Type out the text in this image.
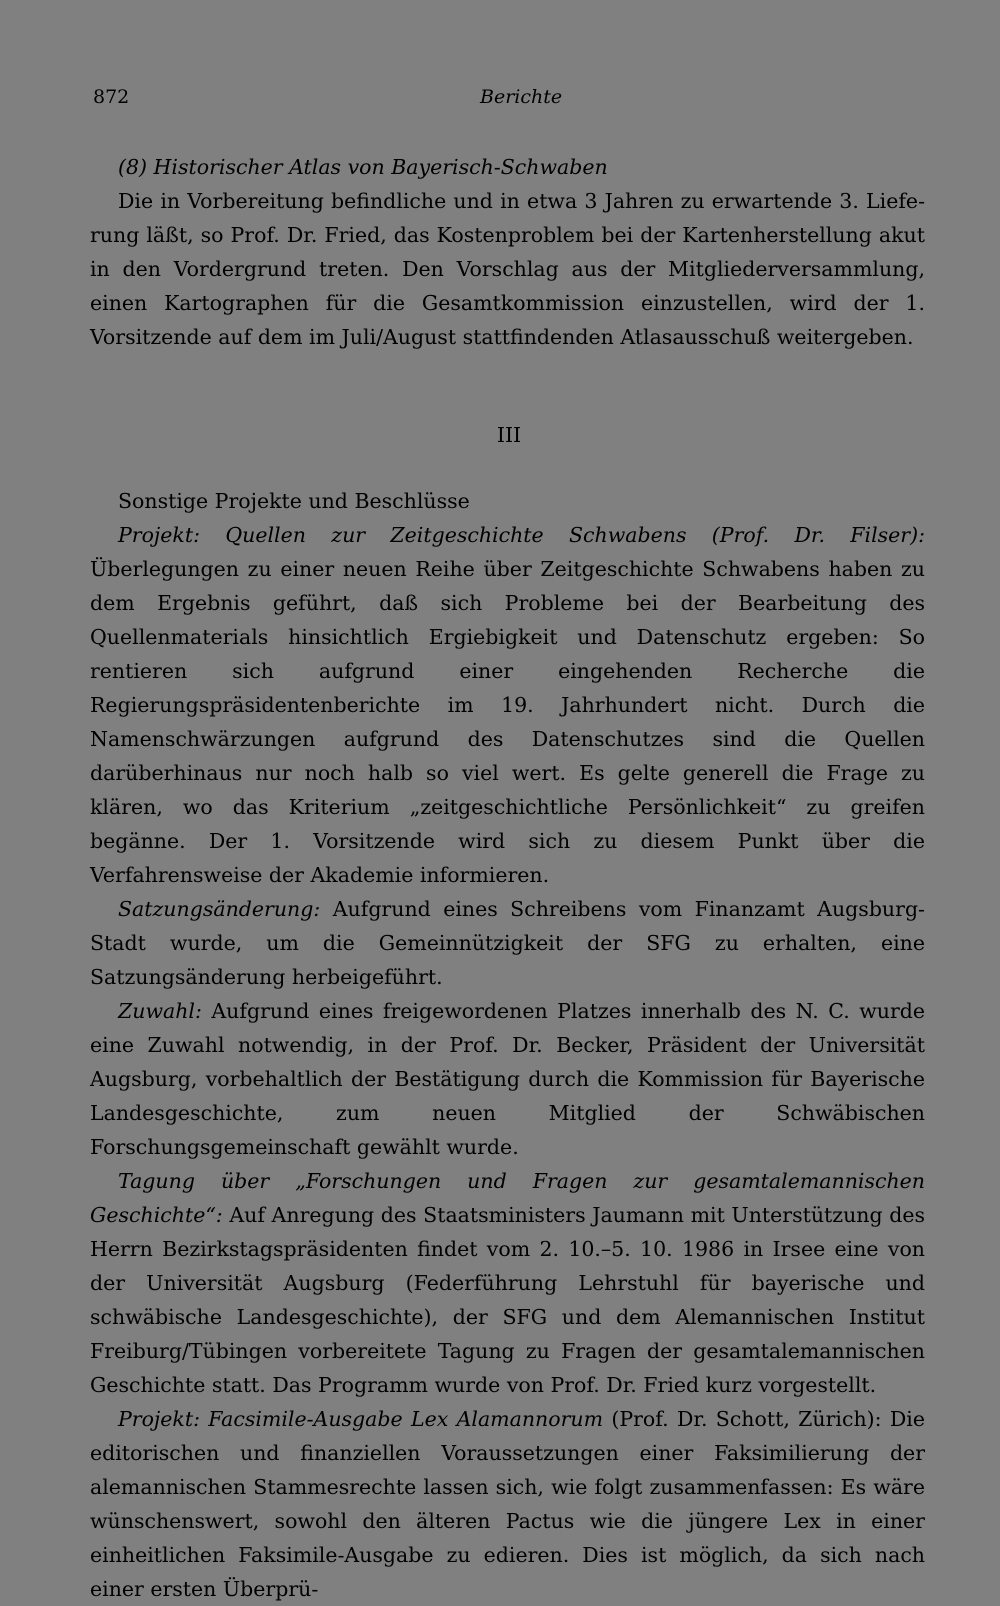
872	Berichte

(8) Historischer Atlas von Bayerisch-Schwaben

Die in Vorbereitung befindliche und in etwa 3 Jahren zu erwartende 3. Lieferung läßt, so Prof. Dr. Fried, das Kostenproblem bei der Kartenherstellung akut in den Vordergrund treten. Den Vorschlag aus der Mitgliederversammlung, einen Kartographen für die Gesamtkommission einzustellen, wird der 1. Vorsitzende auf dem im Juli/August stattfindenden Atlasausschuß weitergeben.

III

Sonstige Projekte und Beschlüsse

Projekt: Quellen zur Zeitgeschichte Schwabens (Prof. Dr. Filser): Überlegungen zu einer neuen Reihe über Zeitgeschichte Schwabens haben zu dem Ergebnis geführt, daß sich Probleme bei der Bearbeitung des Quellenmaterials hinsichtlich Ergiebigkeit und Datenschutz ergeben: So rentieren sich aufgrund einer eingehenden Recherche die Regierungspräsidentenberichte im 19. Jahrhundert nicht. Durch die Namenschwärzungen aufgrund des Datenschutzes sind die Quellen darüberhinaus nur noch halb so viel wert. Es gelte generell die Frage zu klären, wo das Kriterium „zeitgeschichtliche Persönlichkeit“ zu greifen begänne. Der 1. Vorsitzende wird sich zu diesem Punkt über die Verfahrensweise der Akademie informieren.

Satzungsänderung: Aufgrund eines Schreibens vom Finanzamt Augsburg-Stadt wurde, um die Gemeinnützigkeit der SFG zu erhalten, eine Satzungsänderung herbeigeführt.

Zuwahl: Aufgrund eines freigewordenen Platzes innerhalb des N. C. wurde eine Zuwahl notwendig, in der Prof. Dr. Becker, Präsident der Universität Augsburg, vorbehaltlich der Bestätigung durch die Kommission für Bayerische Landesgeschichte, zum neuen Mitglied der Schwäbischen Forschungsgemeinschaft gewählt wurde.

Tagung über „Forschungen und Fragen zur gesamtalemannischen Geschichte“: Auf Anregung des Staatsministers Jaumann mit Unterstützung des Herrn Bezirkstagspräsidenten findet vom 2. 10.–5. 10. 1986 in Irsee eine von der Universität Augsburg (Federführung Lehrstuhl für bayerische und schwäbische Landesgeschichte), der SFG und dem Alemannischen Institut Freiburg/Tübingen vorbereitete Tagung zu Fragen der gesamtalemannischen Geschichte statt. Das Programm wurde von Prof. Dr. Fried kurz vorgestellt.

Projekt: Facsimile-Ausgabe Lex Alamannorum (Prof. Dr. Schott, Zürich): Die editorischen und finanziellen Voraussetzungen einer Faksimilierung der alemannischen Stammesrechte lassen sich, wie folgt zusammenfassen: Es wäre wünschenswert, sowohl den älteren Pactus wie die jüngere Lex in einer einheitlichen Faksimile-Ausgabe zu edieren. Dies ist möglich, da sich nach einer ersten Überprü-
